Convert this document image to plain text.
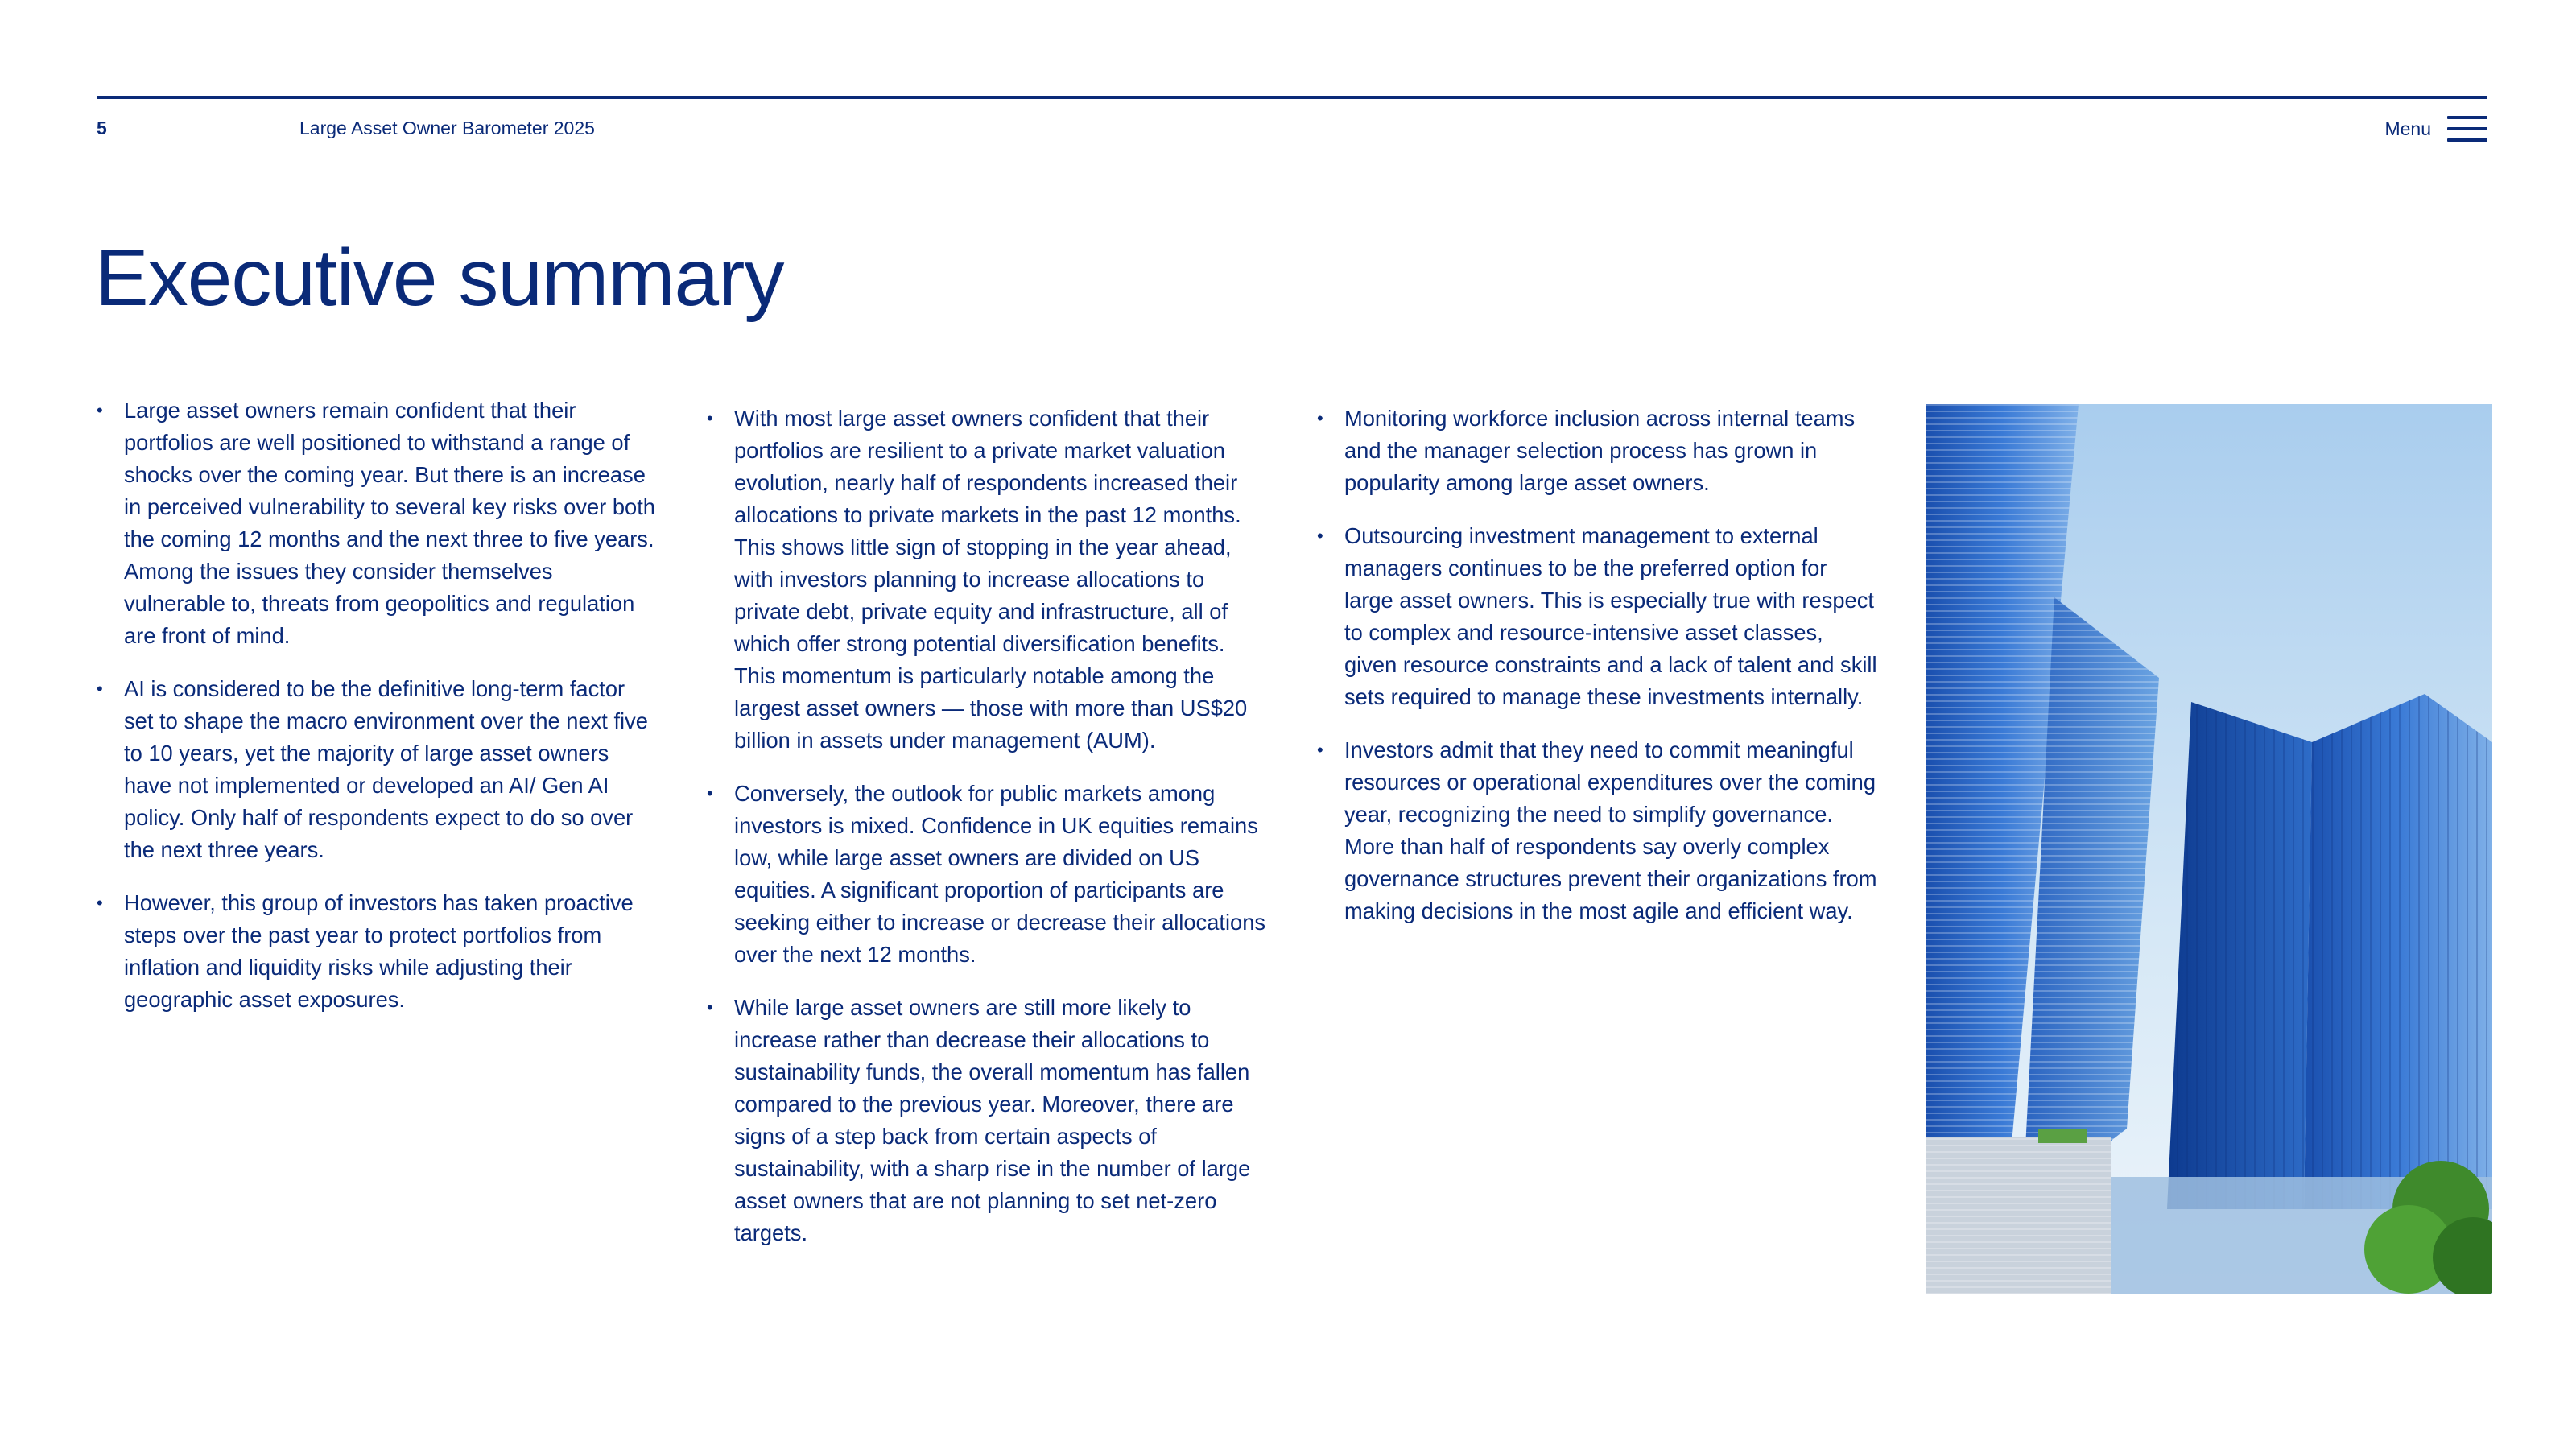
5	Large Asset Owner Barometer 2025	Menu
Executive summary
• Large asset owners remain confident that their portfolios are well positioned to withstand a range of shocks over the coming year. But there is an increase in perceived vulnerability to several key risks over both the coming 12 months and the next three to five years. Among the issues they consider themselves vulnerable to, threats from geopolitics and regulation are front of mind.
• AI is considered to be the definitive long-term factor set to shape the macro environment over the next five to 10 years, yet the majority of large asset owners have not implemented or developed an AI/ Gen AI policy. Only half of respondents expect to do so over the next three years.
• However, this group of investors has taken proactive steps over the past year to protect portfolios from inflation and liquidity risks while adjusting their geographic asset exposures.
• With most large asset owners confident that their portfolios are resilient to a private market valuation evolution, nearly half of respondents increased their allocations to private markets in the past 12 months. This shows little sign of stopping in the year ahead, with investors planning to increase allocations to private debt, private equity and infrastructure, all of which offer strong potential diversification benefits. This momentum is particularly notable among the largest asset owners — those with more than US$20 billion in assets under management (AUM).
• Conversely, the outlook for public markets among investors is mixed. Confidence in UK equities remains low, while large asset owners are divided on US equities. A significant proportion of participants are seeking either to increase or decrease their allocations over the next 12 months.
• While large asset owners are still more likely to increase rather than decrease their allocations to sustainability funds, the overall momentum has fallen compared to the previous year. Moreover, there are signs of a step back from certain aspects of sustainability, with a sharp rise in the number of large asset owners that are not planning to set net-zero targets.
• Monitoring workforce inclusion across internal teams and the manager selection process has grown in popularity among large asset owners.
• Outsourcing investment management to external managers continues to be the preferred option for large asset owners. This is especially true with respect to complex and resource-intensive asset classes, given resource constraints and a lack of talent and skill sets required to manage these investments internally.
• Investors admit that they need to commit meaningful resources or operational expenditures over the coming year, recognizing the need to simplify governance. More than half of respondents say overly complex governance structures prevent their organizations from making decisions in the most agile and efficient way.
